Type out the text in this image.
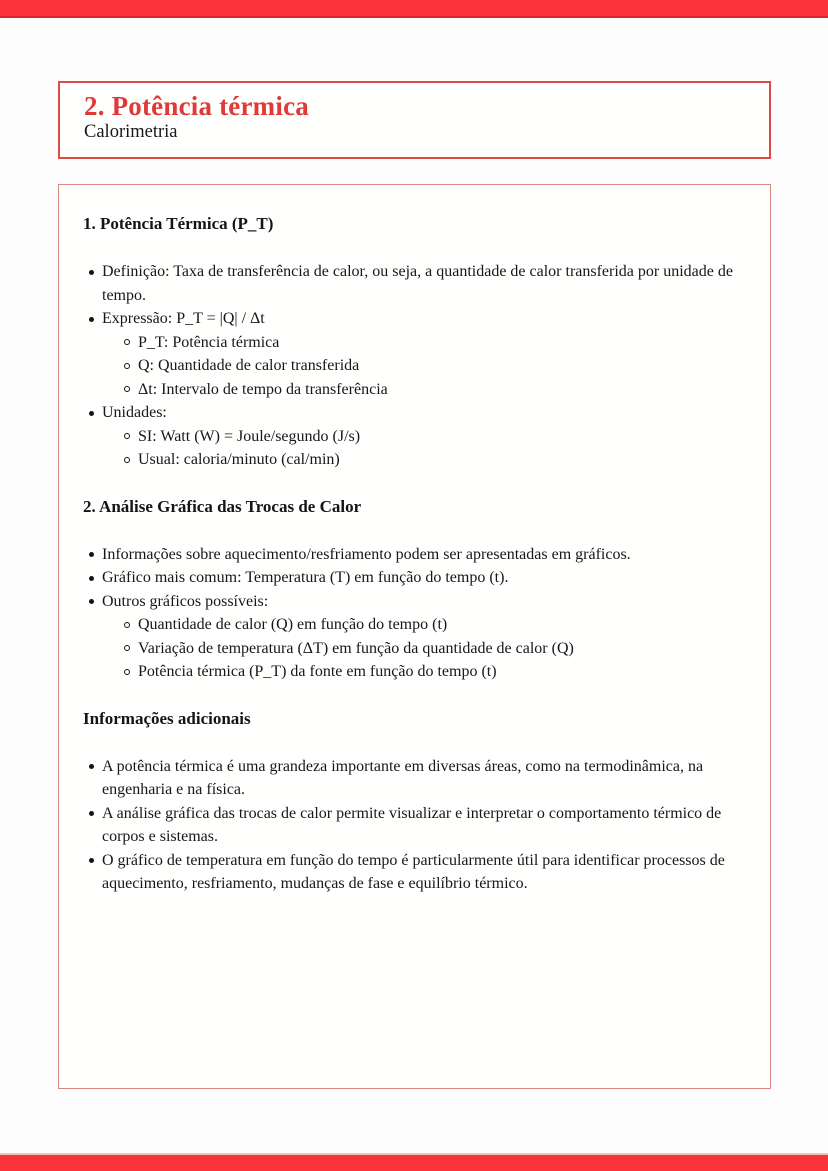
2. Potência térmica

Calorimetria

1. Potência Térmica (P_T)
Definição: Taxa de transferência de calor, ou seja, a quantidade de calor transferida por unidade de tempo.
Expressão: P_T = |Q| / Δt
P_T: Potência térmica
Q: Quantidade de calor transferida
Δt: Intervalo de tempo da transferência
Unidades:
SI: Watt (W) = Joule/segundo (J/s)
Usual: caloria/minuto (cal/min)
2. Análise Gráfica das Trocas de Calor
Informações sobre aquecimento/resfriamento podem ser apresentadas em gráficos.
Gráfico mais comum: Temperatura (T) em função do tempo (t).
Outros gráficos possíveis:
Quantidade de calor (Q) em função do tempo (t)
Variação de temperatura (ΔT) em função da quantidade de calor (Q)
Potência térmica (P_T) da fonte em função do tempo (t)
Informações adicionais
A potência térmica é uma grandeza importante em diversas áreas, como na termodinâmica, na engenharia e na física.
A análise gráfica das trocas de calor permite visualizar e interpretar o comportamento térmico de corpos e sistemas.
O gráfico de temperatura em função do tempo é particularmente útil para identificar processos de aquecimento, resfriamento, mudanças de fase e equilíbrio térmico.
